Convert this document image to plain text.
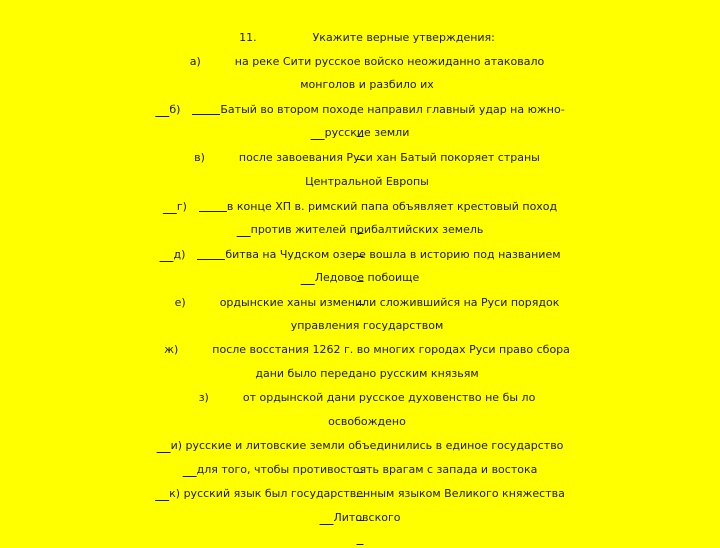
11.	Укажите верные утверждения:

а)	на реке Сити русское войско неожиданно атаковало

монголов и разбило их

б)	Батый во втором походе направил главный удар на южно-

русские земли

в)	после завоевания Руси хан Батый покоряет страны

Центральной Европы

г)	в конце ХП в. римский папа объявляет крестовый поход

против жителей прибалтийских земель

д)	битва на Чудском озере вошла в историю под названием

Ледовое побоище

е)	ордынские ханы изменили сложившийся на Руси порядок

управления государством

ж)	после восстания 1262 г. во многих городах Руси право сбора

дани было передано русским князьям

з)	от ордынской дани русское духовенство не бы ло

освобождено

и) русские и литовские земли объединились в единое государство

для того, чтобы противостоять врагам с запада и востока

к) русский язык был государственным языком Великого княжества

Литовского
